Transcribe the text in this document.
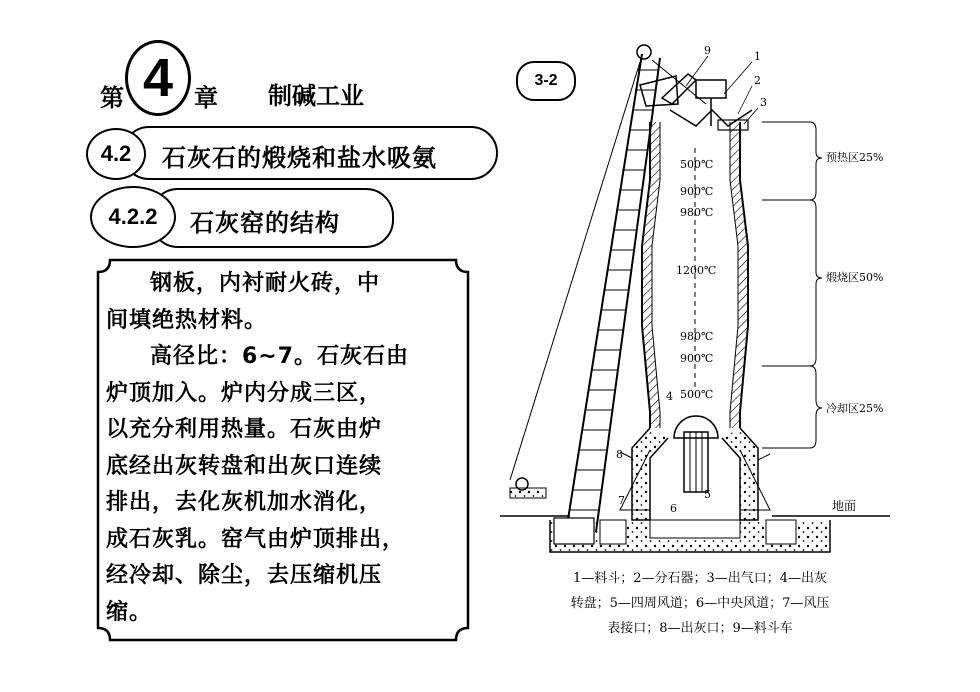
第 4 章 制碱工业
4.2	石灰石的煅烧和盐水吸氨
4.2.2	石灰窑的结构

钢板，内衬耐火砖，中

间填绝热材料。

高径比：6~7。石灰石由

炉顶加入。炉内分成三区，

以充分利用热量。石灰由炉

底经出灰转盘和出灰口连续

排出，去化灰机加水消化，

成石灰乳。窑气由炉顶排出，

经冷却、除尘，去压缩机压

缩。

3-2
500℃
900℃
980℃
1200℃
980℃
900℃
500℃
预热区25%
煅烧区50%
冷却区25%
地面
9	1
2
3
4
8
7
6
5

1—料斗；2—分石器；3—出气口；4—出灰

转盘；5—四周风道；6—中央风道；7—风压

表接口；8—出灰口；9—料斗车
